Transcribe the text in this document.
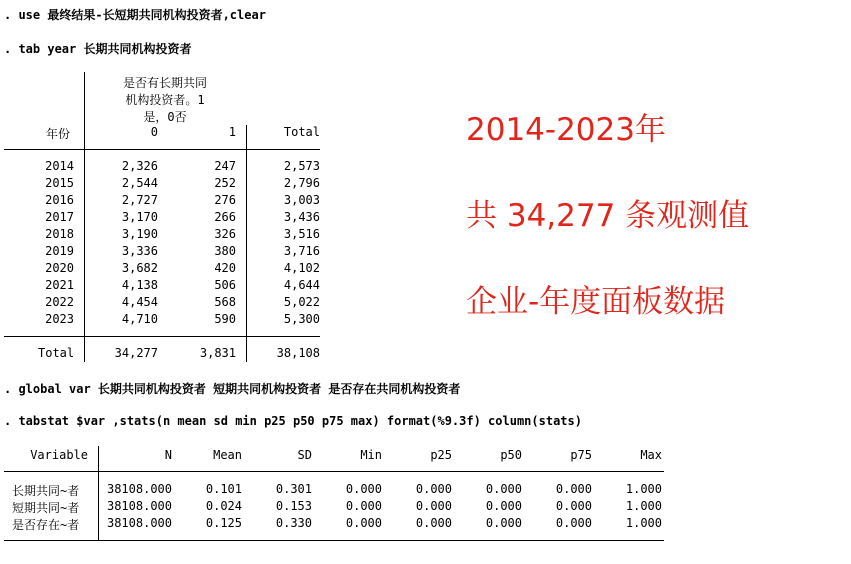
. use 最终结果-长短期共同机构投资者,clear
. tab year 长期共同机构投资者
是否有长期共同
机构投资者。1
是，0否
年份	0	1	Total
2014	2,326	247	2,573
2015	2,544	252	2,796
2016	2,727	276	3,003
2017	3,170	266	3,436
2018	3,190	326	3,516
2019	3,336	380	3,716
2020	3,682	420	4,102
2021	4,138	506	4,644
2022	4,454	568	5,022
2023	4,710	590	5,300
Total	34,277	3,831	38,108
2014-2023年
共 34,277 条观测值
企业-年度面板数据
. global var 长期共同机构投资者 短期共同机构投资者 是否存在共同机构投资者
. tabstat $var ,stats(n mean sd min p25 p50 p75 max) format(%9.3f) column(stats)
Variable	N	Mean	SD	Min	p25	p50	p75	Max
长期共同~者	38108.000	0.101	0.301	0.000	0.000	0.000	0.000	1.000
短期共同~者	38108.000	0.024	0.153	0.000	0.000	0.000	0.000	1.000
是否存在~者	38108.000	0.125	0.330	0.000	0.000	0.000	0.000	1.000
